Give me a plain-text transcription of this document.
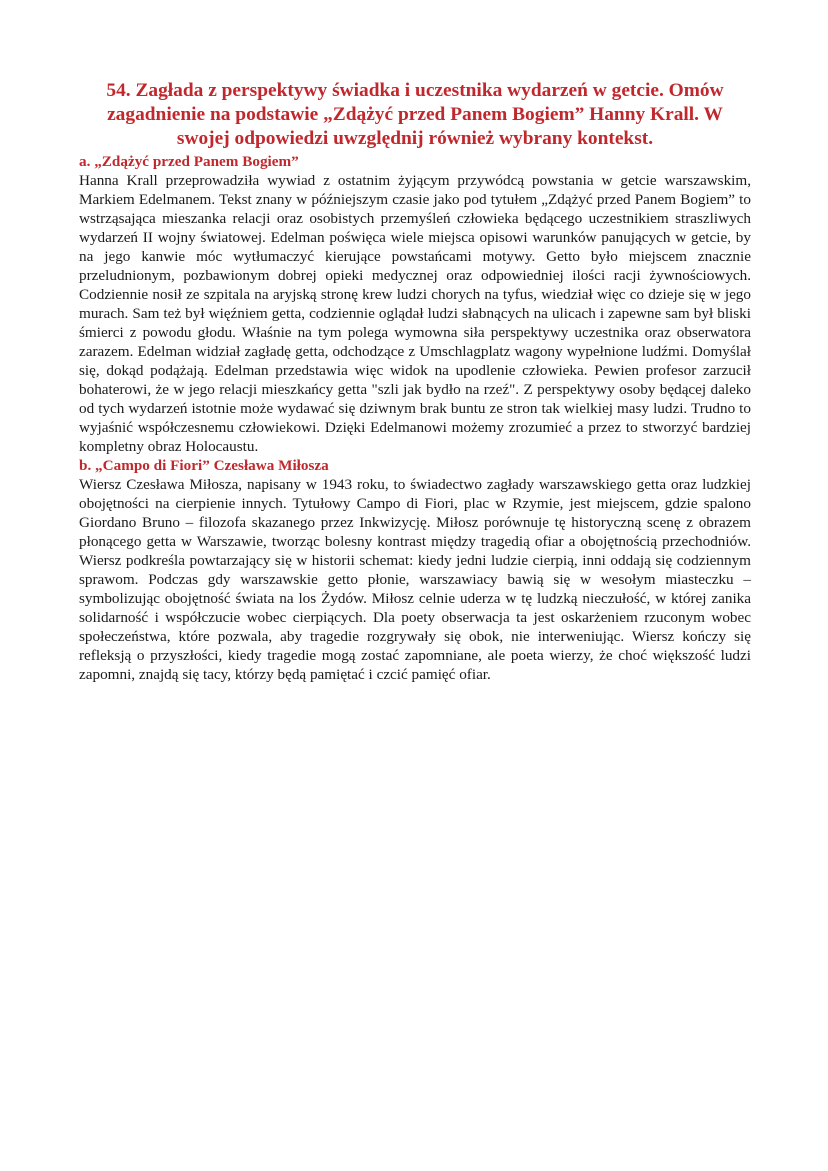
54. Zagłada z perspektywy świadka i uczestnika wydarzeń w getcie. Omów zagadnienie na podstawie „Zdążyć przed Panem Bogiem” Hanny Krall. W swojej odpowiedzi uwzględnij również wybrany kontekst.
a. „Zdążyć przed Panem Bogiem”

Hanna Krall przeprowadziła wywiad z ostatnim żyjącym przywódcą powstania w getcie warszawskim, Markiem Edelmanem. Tekst znany w późniejszym czasie jako pod tytułem „Zdążyć przed Panem Bogiem” to wstrząsająca mieszanka relacji oraz osobistych przemyśleń człowieka będącego uczestnikiem straszliwych wydarzeń II wojny światowej. Edelman poświęca wiele miejsca opisowi warunków panujących w getcie, by na jego kanwie móc wytłumaczyć kierujące powstańcami motywy. Getto było miejscem znacznie przeludnionym, pozbawionym dobrej opieki medycznej oraz odpowiedniej ilości racji żywnościowych. Codziennie nosił ze szpitala na aryjską stronę krew ludzi chorych na tyfus, wiedział więc co dzieje się w jego murach. Sam też był więźniem getta, codziennie oglądał ludzi słabnących na ulicach i zapewne sam był bliski śmierci z powodu głodu. Właśnie na tym polega wymowna siła perspektywy uczestnika oraz obserwatora zarazem. Edelman widział zagładę getta, odchodzące z Umschlagplatz wagony wypełnione ludźmi. Domyślał się, dokąd podążają. Edelman przedstawia więc widok na upodlenie człowieka. Pewien profesor zarzucił bohaterowi, że w jego relacji mieszkańcy getta "szli jak bydło na rzeź". Z perspektywy osoby będącej daleko od tych wydarzeń istotnie może wydawać się dziwnym brak buntu ze stron tak wielkiej masy ludzi. Trudno to wyjaśnić współczesnemu człowiekowi. Dzięki Edelmanowi możemy zrozumieć a przez to stworzyć bardziej kompletny obraz Holocaustu.

b. „Campo di Fiori” Czesława Miłosza

Wiersz Czesława Miłosza, napisany w 1943 roku, to świadectwo zagłady warszawskiego getta oraz ludzkiej obojętności na cierpienie innych. Tytułowy Campo di Fiori, plac w Rzymie, jest miejscem, gdzie spalono Giordano Bruno – filozofa skazanego przez Inkwizycję. Miłosz porównuje tę historyczną scenę z obrazem płonącego getta w Warszawie, tworząc bolesny kontrast między tragedią ofiar a obojętnością przechodniów. Wiersz podkreśla powtarzający się w historii schemat: kiedy jedni ludzie cierpią, inni oddają się codziennym sprawom. Podczas gdy warszawskie getto płonie, warszawiacy bawią się w wesołym miasteczku – symbolizując obojętność świata na los Żydów. Miłosz celnie uderza w tę ludzką nieczułość, w której zanika solidarność i współczucie wobec cierpiących. Dla poety obserwacja ta jest oskarżeniem rzuconym wobec społeczeństwa, które pozwala, aby tragedie rozgrywały się obok, nie interweniując. Wiersz kończy się refleksją o przyszłości, kiedy tragedie mogą zostać zapomniane, ale poeta wierzy, że choć większość ludzi zapomni, znajdą się tacy, którzy będą pamiętać i czcić pamięć ofiar.
